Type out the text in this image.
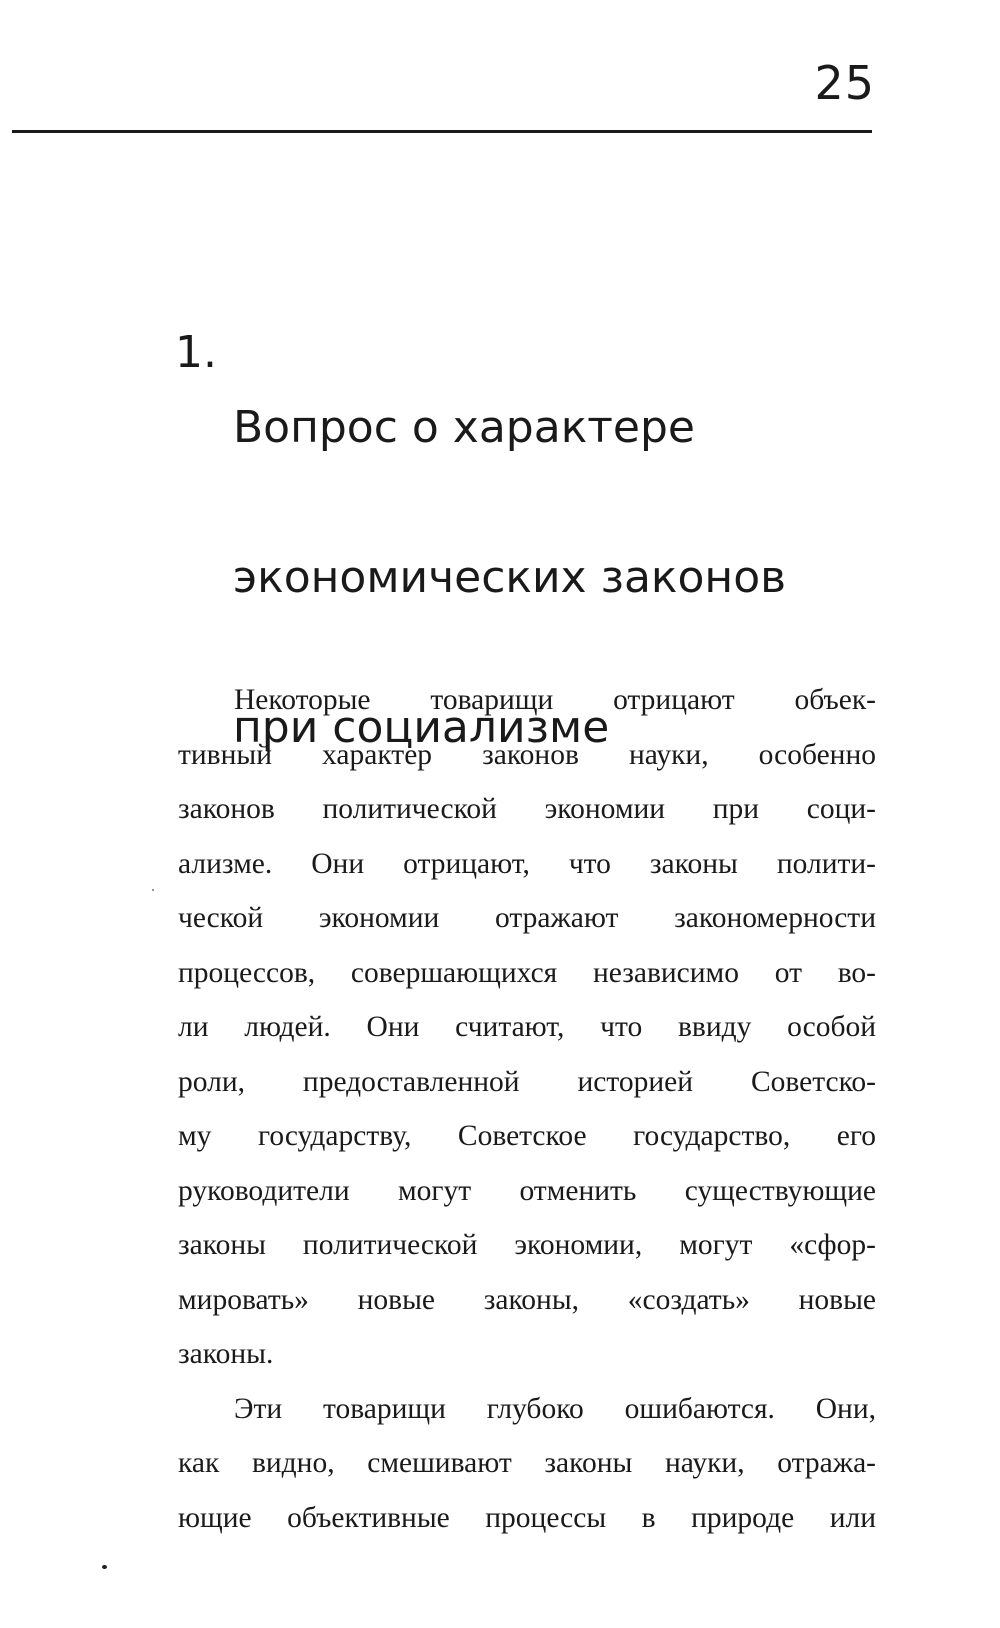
25
1.

Вопрос о характере

экономических законов

при социализме

Некоторые товарищи отрицают объек-
тивный характер законов науки, особенно
законов политической экономии при соци-
ализме. Они отрицают, что законы полити-
ческой экономии отражают закономерности
процессов, совершающихся независимо от во-
ли людей. Они считают, что ввиду особой
роли, предоставленной историей Советско-
му государству, Советское государство, его
руководители могут отменить существующие
законы политической экономии, могут «сфор-
мировать» новые законы, «создать» новые
законы.

Эти товарищи глубоко ошибаются. Они,
как видно, смешивают законы науки, отража-
ющие объективные процессы в природе или
